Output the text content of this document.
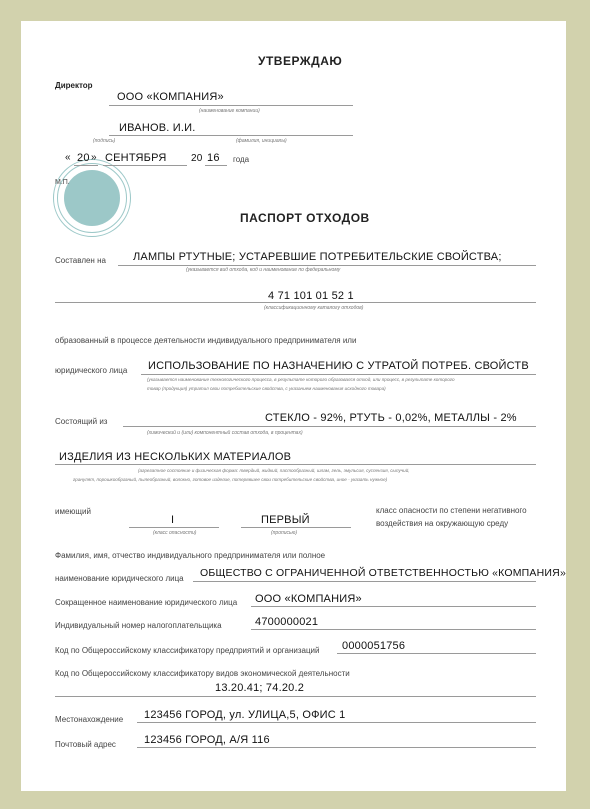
УТВЕРЖДАЮ
Директор
ООО «КОМПАНИЯ»
(наименование компании)
ИВАНОВ. И.И.
(подпись)	(фамилия, инициалы)
« 20 » СЕНТЯБРЯ 20 16 года
М.П.
ПАСПОРТ ОТХОДОВ
Составлен на ЛАМПЫ РТУТНЫЕ; УСТАРЕВШИЕ ПОТРЕБИТЕЛЬСКИЕ СВОЙСТВА;
(указывается вид отхода, код и наименование по федеральному
4 71 101 01 52 1
(классификационному каталогу отходов)
образованный в процессе деятельности индивидуального предпринимателя или
юридического лица ИСПОЛЬЗОВАНИЕ ПО НАЗНАЧЕНИЮ С УТРАТОЙ ПОТРЕБ. СВОЙСТВ
(указывается наименование технологического процесса, в результате которого образовался отход, или процесс, в результате которого
товар (продукция) утратил свои потребительские свойства, с указанием наименования исходного товара)
Состоящий из	СТЕКЛО - 92%, РТУТЬ - 0,02%, МЕТАЛЛЫ - 2%
(химический и (или) компонентный состав отхода, в процентах)
ИЗДЕЛИЯ ИЗ НЕСКОЛЬКИХ МАТЕРИАЛОВ
(агрегатное состояние и физическая форма: твердый, жидкий, пастообразный, шлам, гель, эмульсия, суспензия, сыпучий,
гранулят, порошкообразный, пылеобразный, волокно, готовое изделие, потерявшее свои потребительские свойства, иное - указать нужное)
имеющий
I
(класс опасности)
ПЕРВЫЙ
(прописью)
класс опасности по степени негативного
воздействия на окружающую среду
Фамилия, имя, отчество индивидуального предпринимателя или полное
наименование юридического лица ОБЩЕСТВО С ОГРАНИЧЕННОЙ ОТВЕТСТВЕННОСТЬЮ «КОМПАНИЯ»
Сокращенное наименование юридического лица ООО «КОМПАНИЯ»
Индивидуальный номер налогоплательщика	4700000021
Код по Общероссийскому классификатору предприятий и организаций 0000051756
Код по Общероссийскому классификатору видов экономической деятельности
13.20.41; 74.20.2
Местонахождение 123456 ГОРОД, ул. УЛИЦА,5, ОФИС 1
Почтовый адрес	123456 ГОРОД, А/Я 116
